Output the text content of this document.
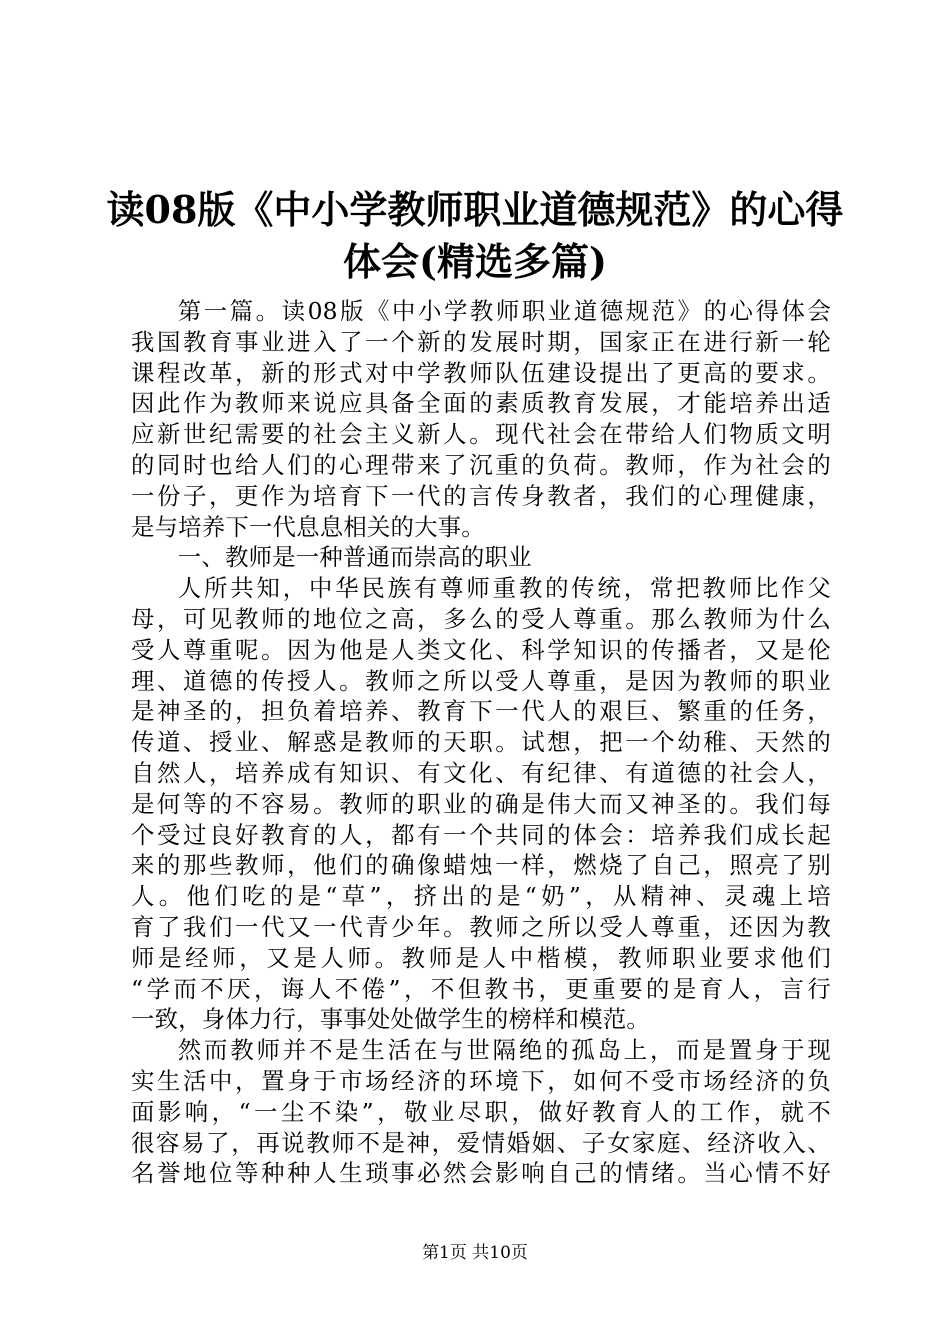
读08版《中小学教师职业道德规范》的心得
体会(精选多篇)
第一篇。读08版《中小学教师职业道德规范》的心得体会
我国教育事业进入了一个新的发展时期，国家正在进行新一轮
课程改革，新的形式对中学教师队伍建设提出了更高的要求。
因此作为教师来说应具备全面的素质教育发展，才能培养出适
应新世纪需要的社会主义新人。现代社会在带给人们物质文明
的同时也给人们的心理带来了沉重的负荷。教师，作为社会的
一份子，更作为培育下一代的言传身教者，我们的心理健康，
是与培养下一代息息相关的大事。
一、教师是一种普通而崇高的职业
人所共知，中华民族有尊师重教的传统，常把教师比作父
母，可见教师的地位之高，多么的受人尊重。那么教师为什么
受人尊重呢。因为他是人类文化、科学知识的传播者，又是伦
理、道德的传授人。教师之所以受人尊重，是因为教师的职业
是神圣的，担负着培养、教育下一代人的艰巨、繁重的任务，
传道、授业、解惑是教师的天职。试想，把一个幼稚、天然的
自然人，培养成有知识、有文化、有纪律、有道德的社会人，
是何等的不容易。教师的职业的确是伟大而又神圣的。我们每
个受过良好教育的人，都有一个共同的体会：培养我们成长起
来的那些教师，他们的确像蜡烛一样，燃烧了自己，照亮了别
人。他们吃的是“草”，挤出的是“奶”，从精神、灵魂上培
育了我们一代又一代青少年。教师之所以受人尊重，还因为教
师是经师，又是人师。教师是人中楷模，教师职业要求他们
“学而不厌，诲人不倦”，不但教书，更重要的是育人，言行
一致，身体力行，事事处处做学生的榜样和模范。
然而教师并不是生活在与世隔绝的孤岛上，而是置身于现
实生活中，置身于市场经济的环境下，如何不受市场经济的负
面影响，“一尘不染”，敬业尽职，做好教育人的工作，就不
很容易了，再说教师不是神，爱情婚姻、子女家庭、经济收入、
名誉地位等种种人生琐事必然会影响自己的情绪。当心情不好
第1页 共10页
